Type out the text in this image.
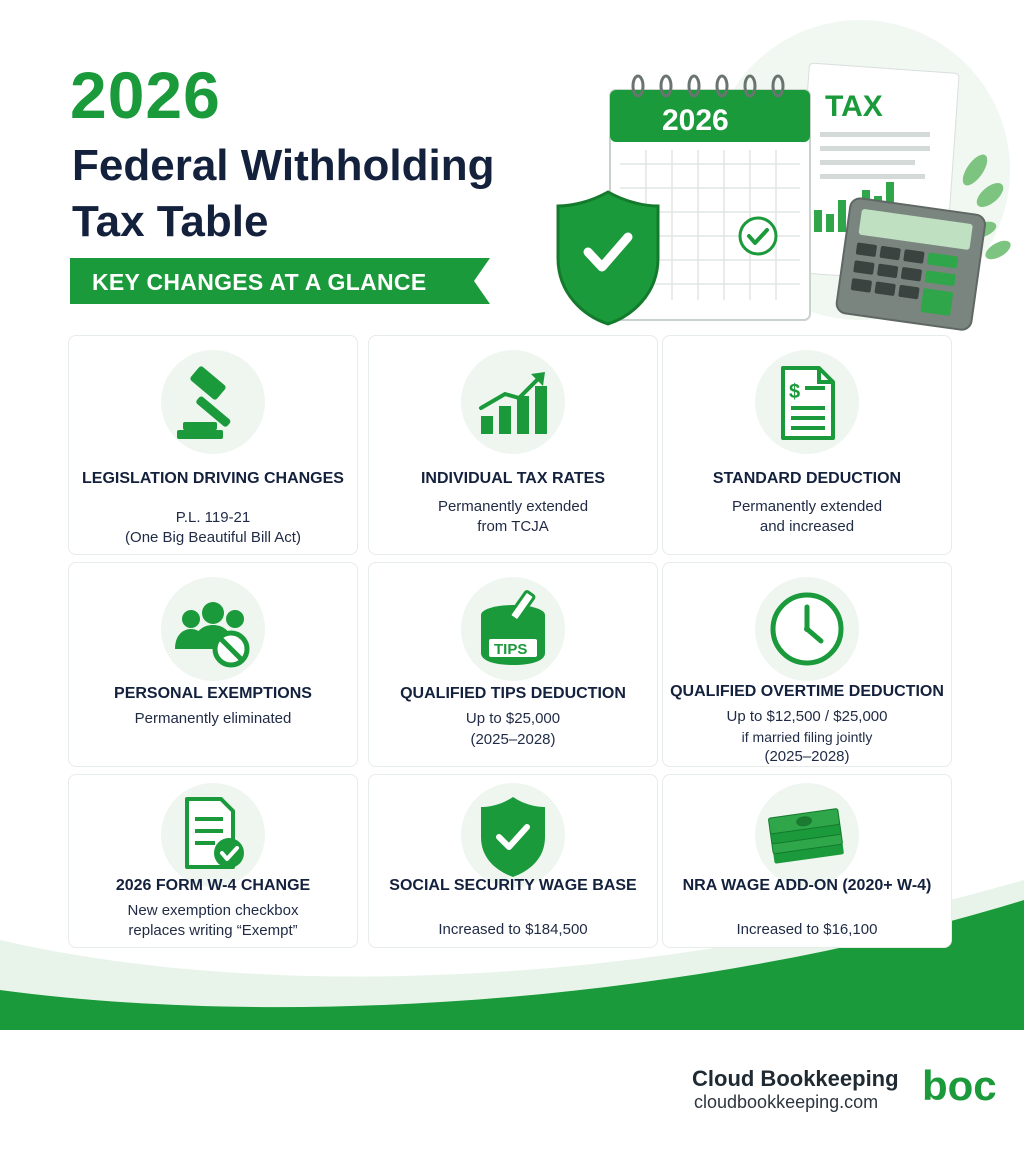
TAX
2026
2026
Federal Withholding
Tax Table
KEY CHANGES AT A GLANCE
LEGISLATION DRIVING CHANGES
P.L. 119-21
(One Big Beautiful Bill Act)
INDIVIDUAL TAX RATES
Permanently extended
from TCJA
$
STANDARD DEDUCTION
Permanently extended
and increased
PERSONAL EXEMPTIONS
Permanently eliminated
TIPS
QUALIFIED TIPS DEDUCTION
Up to $25,000
(2025–2028)
QUALIFIED OVERTIME DEDUCTION
Up to $12,500 / $25,000
if married filing jointly
(2025–2028)
2026 FORM W-4 CHANGE
New exemption checkbox
replaces writing “Exempt”
SOCIAL SECURITY WAGE BASE
Increased to $184,500
NRA WAGE ADD-ON (2020+ W-4)
Increased to $16,100
Cloud Bookkeeping
cloudbookkeeping.com boc
